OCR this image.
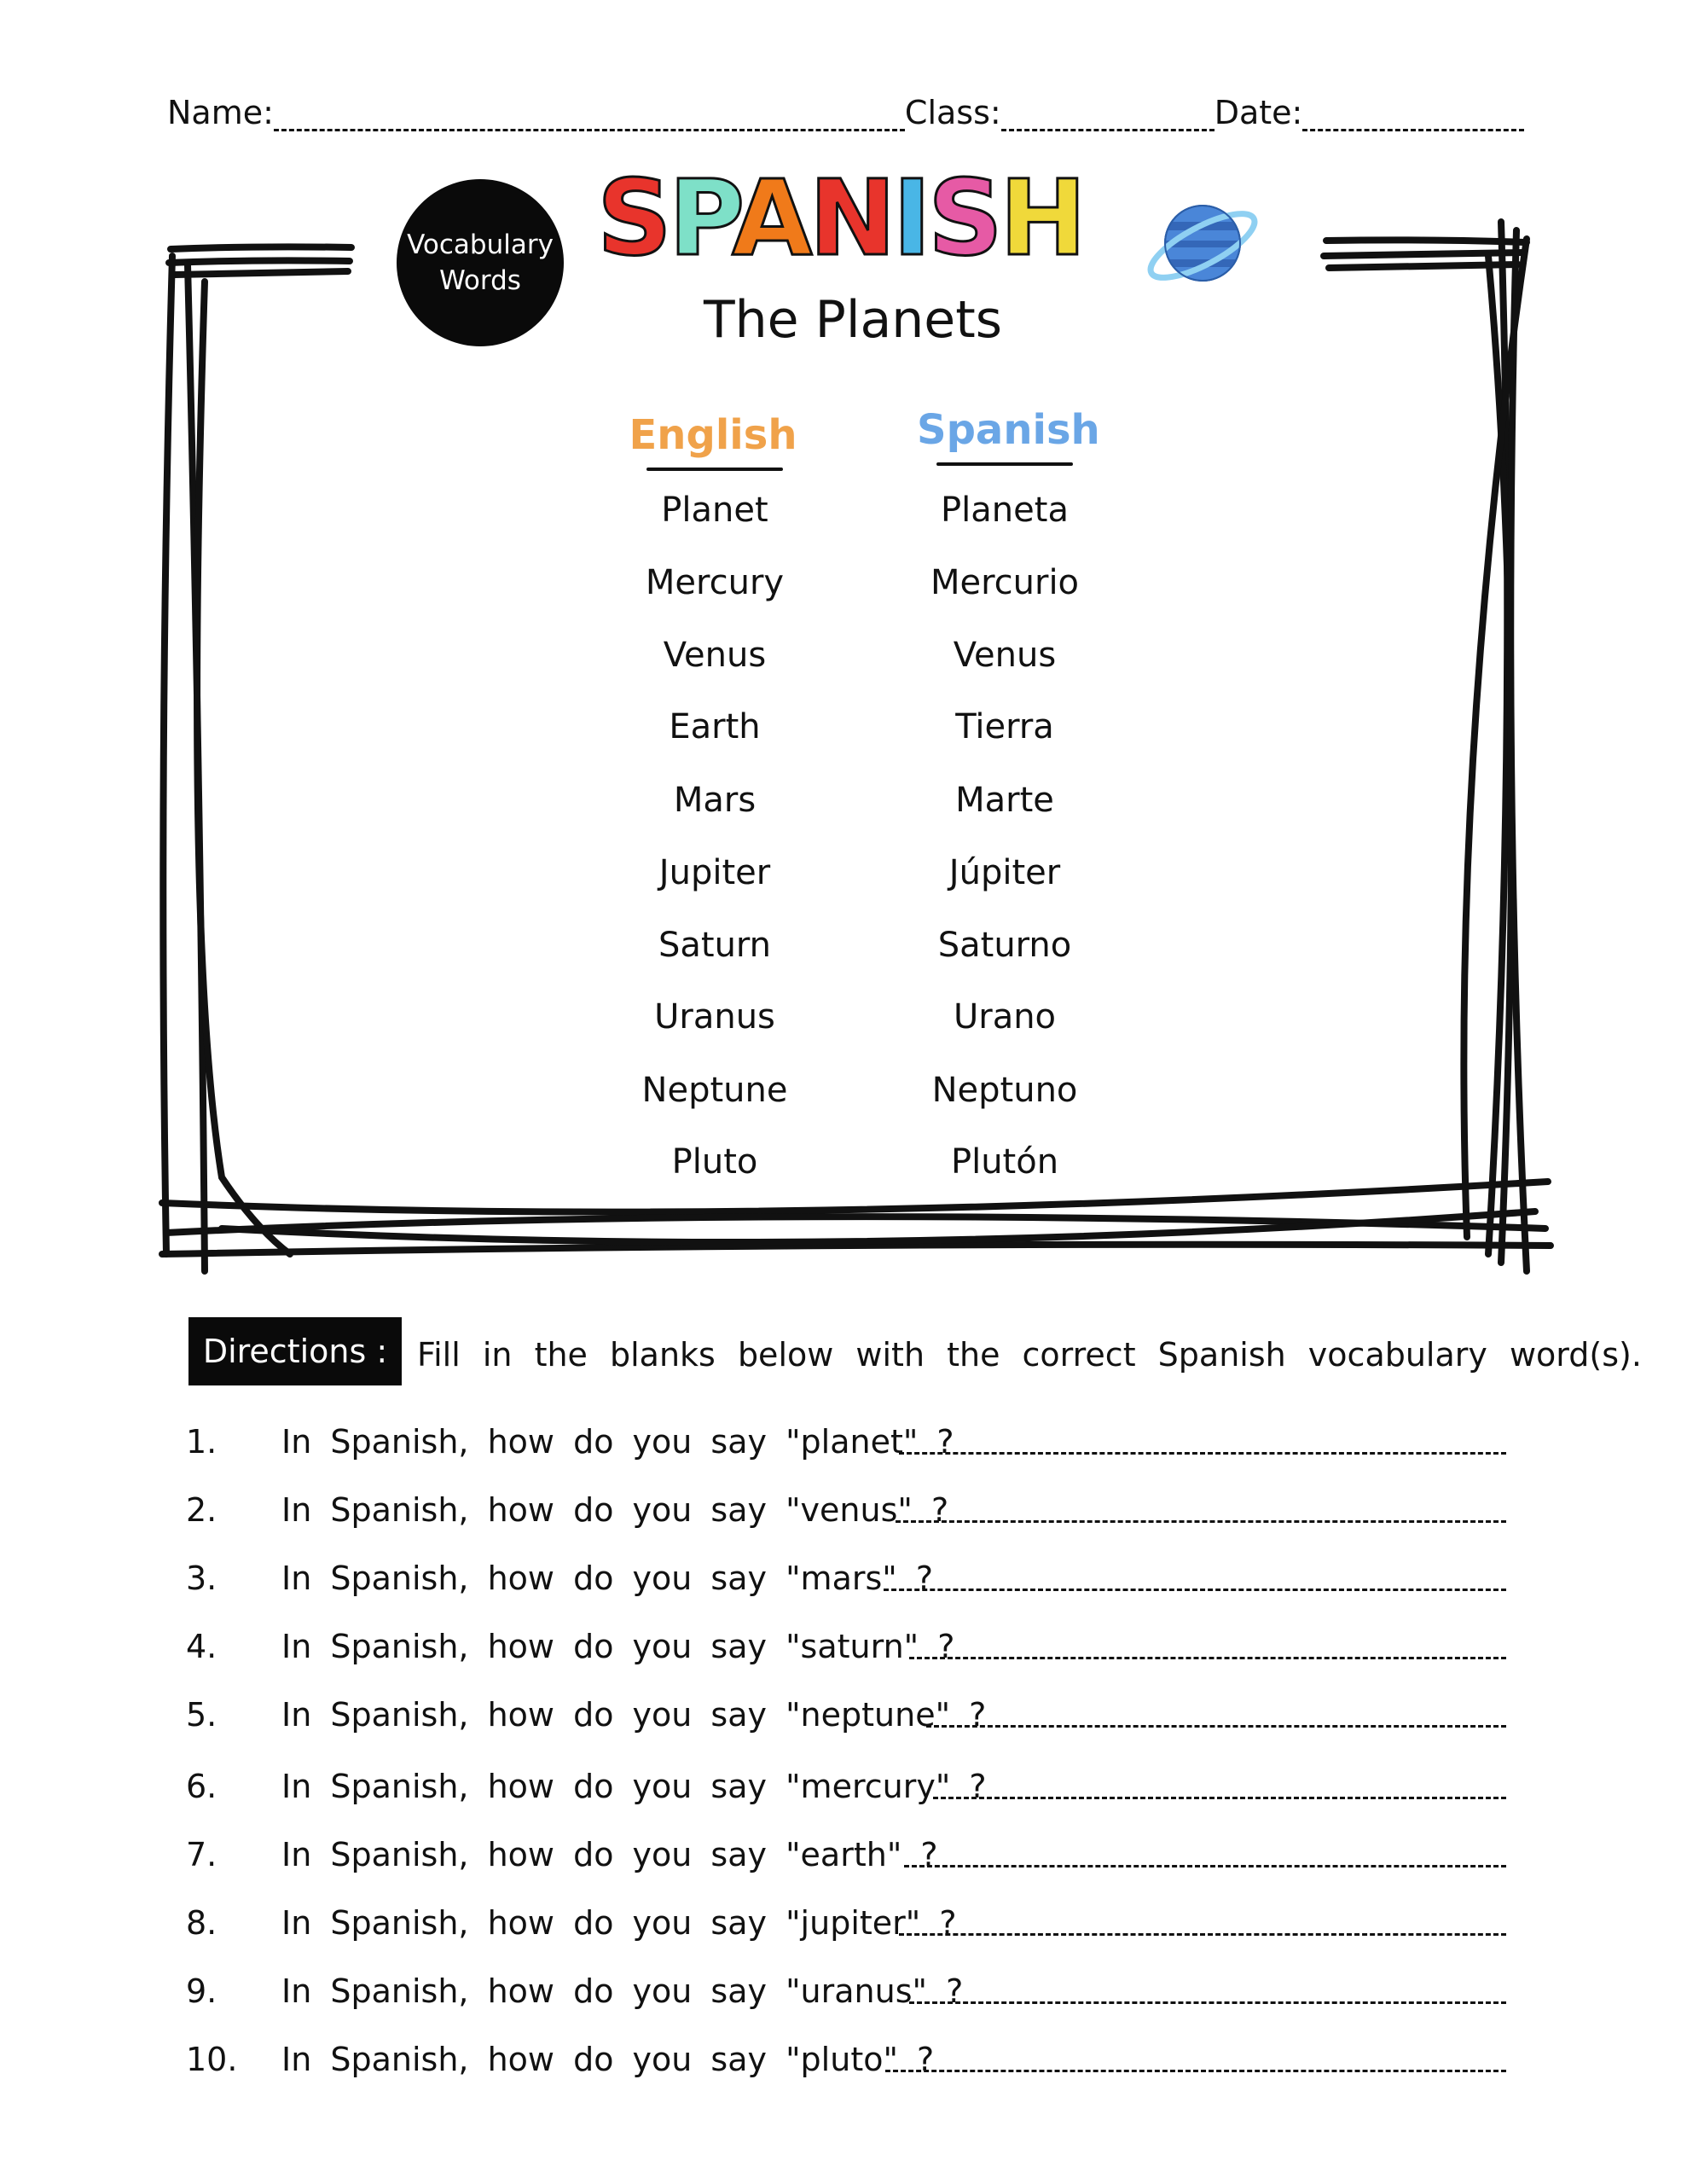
Name:	Class:	Date:
Vocabulary
Words
SPANISH
The Planets
English	Spanish
Planet	Planeta
Mercury	Mercurio
Venus	Venus
Earth	Tierra
Mars	Marte
Jupiter	Júpiter
Saturn	Saturno
Uranus	Urano
Neptune	Neptuno
Pluto	Plutón
Directions : Fill in the blanks below with the correct Spanish vocabulary word(s).
1.	In Spanish, how do you say "planet" ?
2.	In Spanish, how do you say "venus" ?
3.	In Spanish, how do you say "mars" ?
4.	In Spanish, how do you say "saturn" ?
5.	In Spanish, how do you say "neptune" ?
6.	In Spanish, how do you say "mercury" ?
7.	In Spanish, how do you say "earth" ?
8.	In Spanish, how do you say "jupiter" ?
9.	In Spanish, how do you say "uranus" ?
10.	In Spanish, how do you say "pluto" ?
